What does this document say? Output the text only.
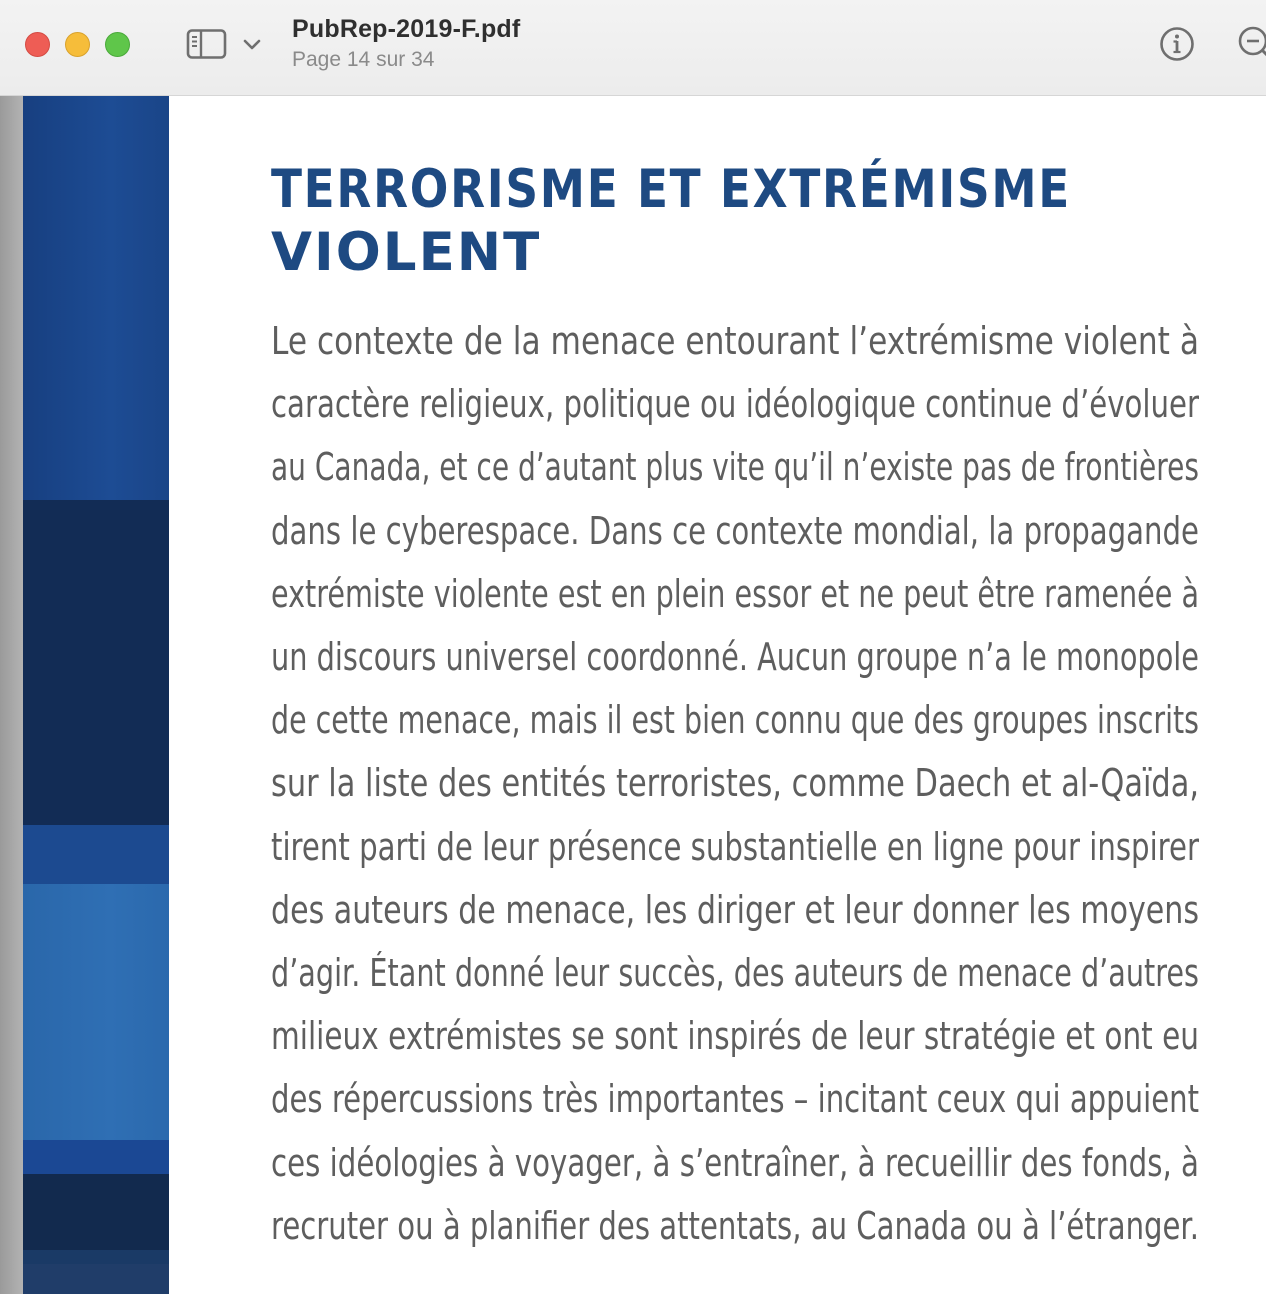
PubRep-2019-F.pdf
Page 14 sur 34
TERRORISME ET EXTRÉMISME
VIOLENT

Le contexte de la menace entourant l’extrémisme violent à
caractère religieux, politique ou idéologique continue d’évoluer
au Canada, et ce d’autant plus vite qu’il n’existe pas de frontières
dans le cyberespace. Dans ce contexte mondial, la propagande
extrémiste violente est en plein essor et ne peut être ramenée à
un discours universel coordonné. Aucun groupe n’a le monopole
de cette menace, mais il est bien connu que des groupes inscrits
sur la liste des entités terroristes, comme Daech et al-Qaïda,
tirent parti de leur présence substantielle en ligne pour inspirer
des auteurs de menace, les diriger et leur donner les moyens
d’agir. Étant donné leur succès, des auteurs de menace d’autres
milieux extrémistes se sont inspirés de leur stratégie et ont eu
des répercussions très importantes – incitant ceux qui appuient
ces idéologies à voyager, à s’entraîner, à recueillir des fonds, à
recruter ou à planifier des attentats, au Canada ou à l’étranger.
